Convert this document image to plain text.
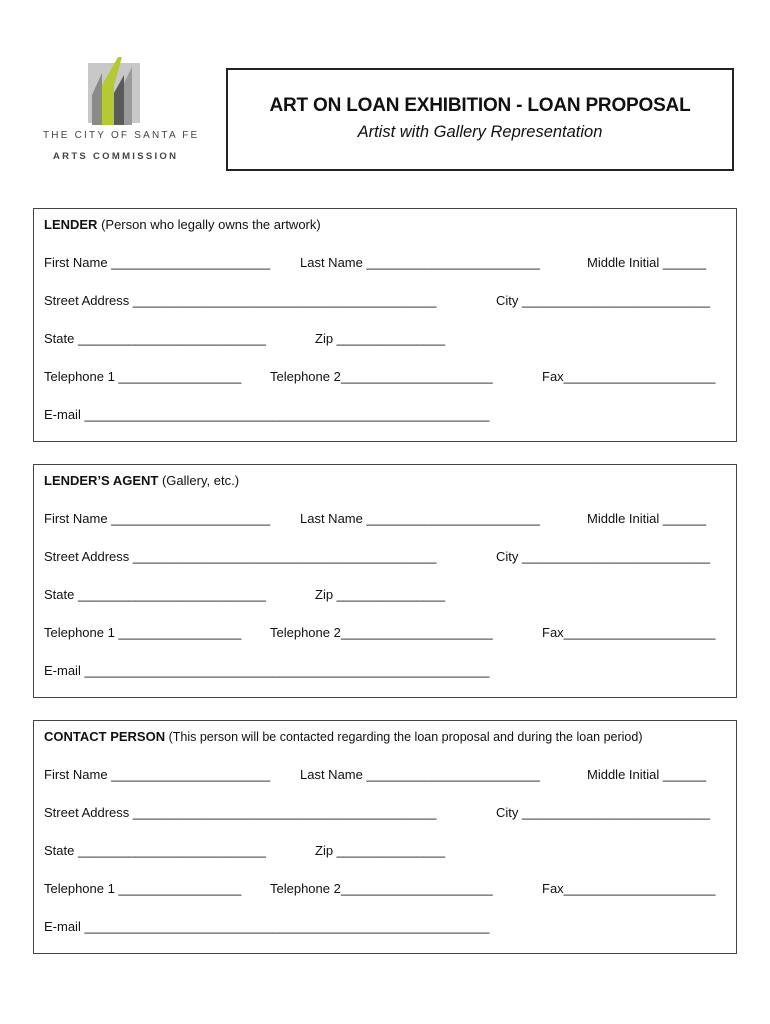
THE CITY OF SANTA FE
ARTS COMMISSION
ART ON LOAN EXHIBITION - LOAN PROPOSAL
Artist with Gallery Representation
LENDER (Person who legally owns the artwork)
First Name ______________________ Last Name ________________________	Middle Initial ______
Street Address __________________________________________	City __________________________
State __________________________	Zip _______________
Telephone 1 _________________ Telephone 2_____________________	Fax_____________________
E-mail ________________________________________________________
LENDER’S AGENT (Gallery, etc.)
First Name ______________________ Last Name ________________________	Middle Initial ______
Street Address __________________________________________	City __________________________
State __________________________	Zip _______________
Telephone 1 _________________ Telephone 2_____________________	Fax_____________________
E-mail ________________________________________________________
CONTACT PERSON (This person will be contacted regarding the loan proposal and during the loan period)
First Name ______________________ Last Name ________________________	Middle Initial ______
Street Address __________________________________________	City __________________________
State __________________________	Zip _______________
Telephone 1 _________________ Telephone 2_____________________	Fax_____________________
E-mail ________________________________________________________
